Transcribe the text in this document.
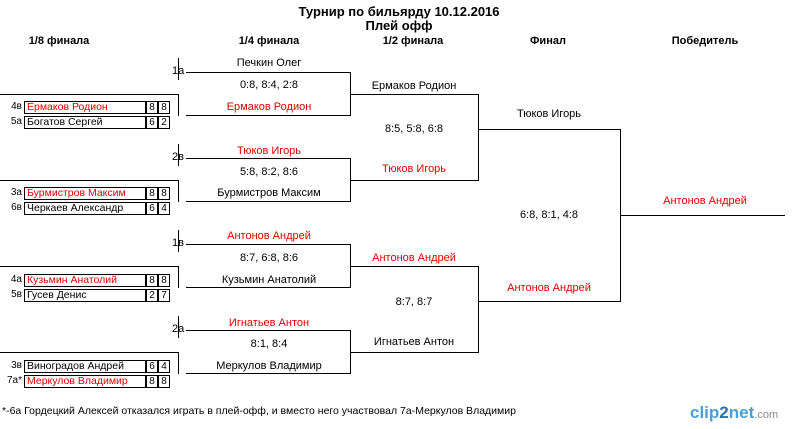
Турнир по бильярду 10.12.2016
Плей офф
1/8 финала	1/4 финала	1/2 финала	Финал	Победитель
4в Ермаков Родион	8 8
5а Богатов Сергей	6 2
3а Бурмистров Максим	8 8
6в Черкаев Александр	6 4
4а Кузьмин Анатолий	8 8
5в Гусев Денис	2 7
3в Виноградов Андрей	6 4
7а* Меркулов Владимир	8 8
1а
Печкин Олег
0:8, 8:4, 2:8
Ермаков Родион
2в	Тюков Игорь
5:8, 8:2, 8:6
Бурмистров Максим
1в
Антонов Андрей
8:7, 6:8, 8:6
Кузьмин Анатолий
2а	Игнатьев Антон
8:1, 8:4
Меркулов Владимир
Ермаков Родион
8:5, 5:8, 6:8
Тюков Игорь
Антонов Андрей
8:7, 8:7
Игнатьев Антон
Тюков Игорь
6:8, 8:1, 4:8
Антонов Андрей
Антонов Андрей
*-6а Гордецкий Алексей отказался играть в плей-офф, и вместо него участвовал 7а-Меркулов Владимир	clip2net.com
